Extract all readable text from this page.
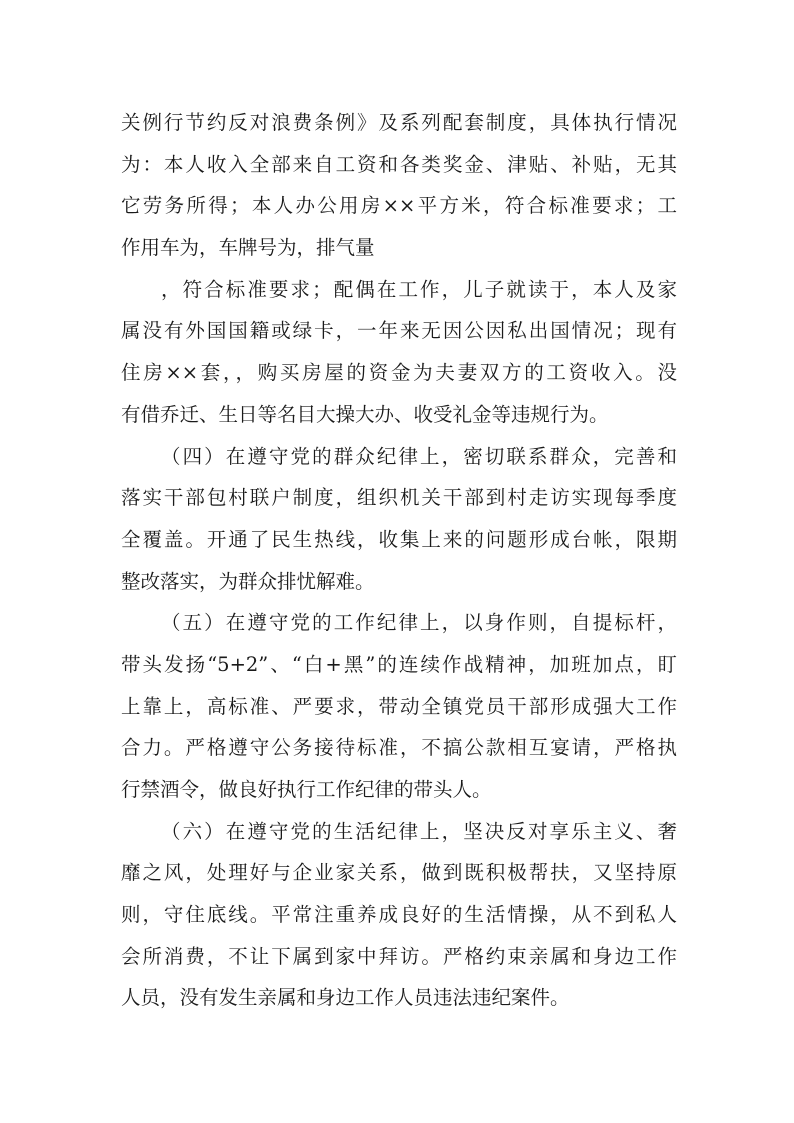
关例行节约反对浪费条例》及系列配套制度，具体执行情况
为：本人收入全部来自工资和各类奖金、津贴、补贴，无其
它劳务所得；本人办公用房××平方米，符合标准要求；工
作用车为，车牌号为，排气量
，符合标准要求；配偶在工作，儿子就读于，本人及家
属没有外国国籍或绿卡，一年来无因公因私出国情况；现有
住房××套，，购买房屋的资金为夫妻双方的工资收入。没
有借乔迁、生日等名目大操大办、收受礼金等违规行为。
（四）在遵守党的群众纪律上，密切联系群众，完善和
落实干部包村联户制度，组织机关干部到村走访实现每季度
全覆盖。开通了民生热线，收集上来的问题形成台帐，限期
整改落实，为群众排忧解难。
（五）在遵守党的工作纪律上，以身作则，自提标杆，
带头发扬“5+2”、“白+黑”的连续作战精神，加班加点，盯
上靠上，高标准、严要求，带动全镇党员干部形成强大工作
合力。严格遵守公务接待标准，不搞公款相互宴请，严格执
行禁酒令，做良好执行工作纪律的带头人。
（六）在遵守党的生活纪律上，坚决反对享乐主义、奢
靡之风，处理好与企业家关系，做到既积极帮扶，又坚持原
则，守住底线。平常注重养成良好的生活情操，从不到私人
会所消费，不让下属到家中拜访。严格约束亲属和身边工作
人员，没有发生亲属和身边工作人员违法违纪案件。
